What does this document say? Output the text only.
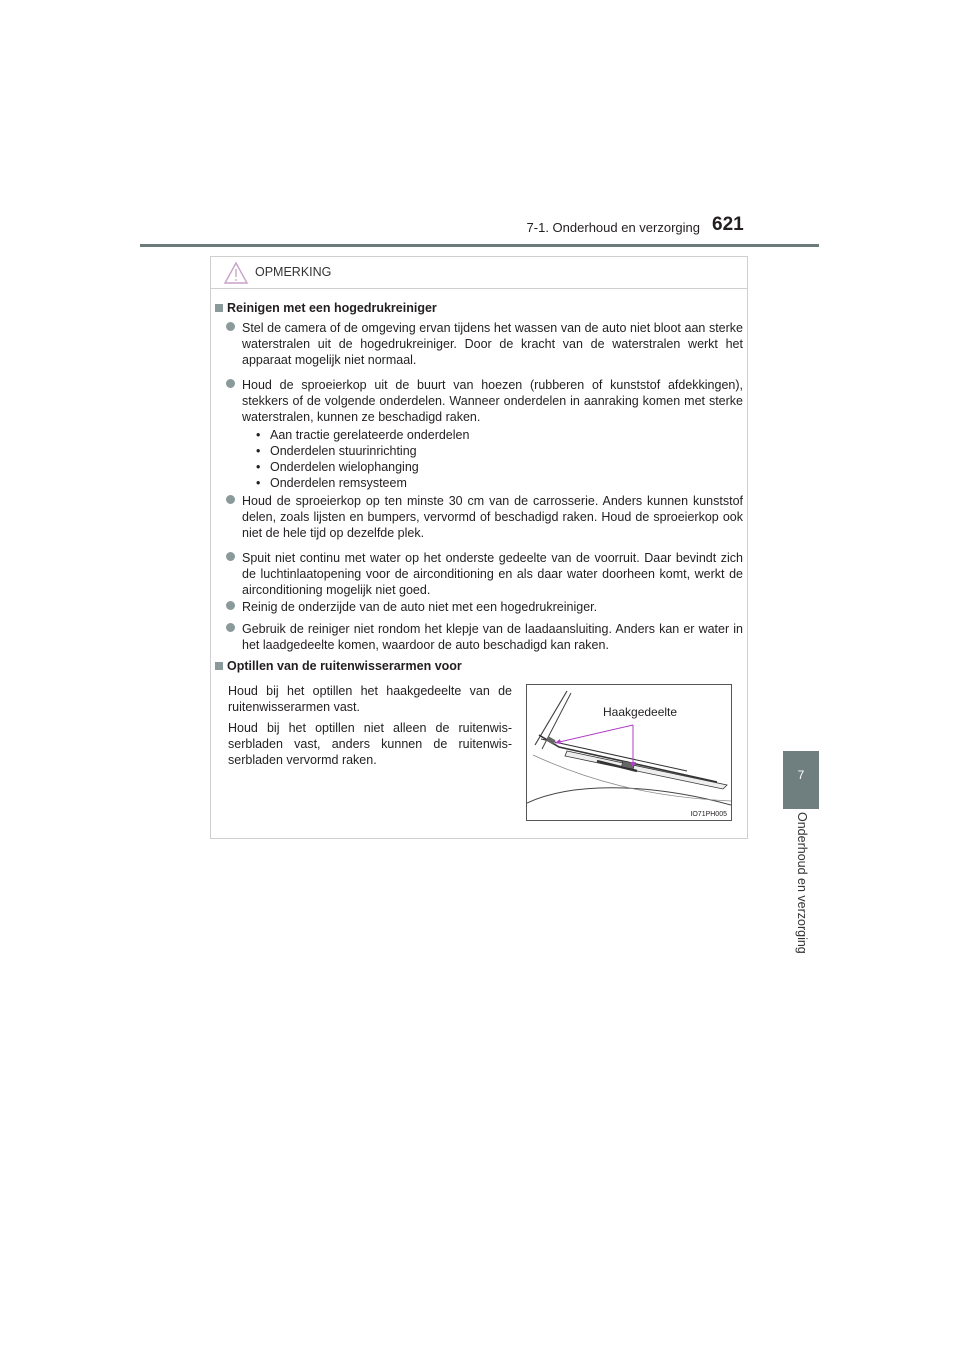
7-1. Onderhoud en verzorging 621
7
Onderhoud en verzorging
OPMERKING
Reinigen met een hogedrukreiniger
Stel de camera of de omgeving ervan tijdens het wassen van de auto niet bloot aan sterke waterstralen uit de hogedrukreiniger. Door de kracht van de waterstralen werkt het apparaat mogelijk niet normaal.
Houd de sproeierkop uit de buurt van hoezen (rubberen of kunststof afdekkingen), stekkers of de volgende onderdelen. Wanneer onderdelen in aanraking komen met sterke waterstralen, kunnen ze beschadigd raken.
• Aan tractie gerelateerde onderdelen
• Onderdelen stuurinrichting
• Onderdelen wielophanging
• Onderdelen remsysteem
Houd de sproeierkop op ten minste 30 cm van de carrosserie. Anders kunnen kunststof delen, zoals lijsten en bumpers, vervormd of beschadigd raken. Houd de sproeierkop ook niet de hele tijd op dezelfde plek.
Spuit niet continu met water op het onderste gedeelte van de voorruit. Daar bevindt zich de luchtinlaatopening voor de airconditioning en als daar water doorheen komt, werkt de airconditioning mogelijk niet goed.
Reinig de onderzijde van de auto niet met een hogedrukreiniger.
Gebruik de reiniger niet rondom het klepje van de laadaansluiting. Anders kan er water in het laadgedeelte komen, waardoor de auto beschadigd kan raken.
Optillen van de ruitenwisserarmen voor
Houd bij het optillen het haakgedeelte van de ruitenwisserarmen vast.
Houd bij het optillen niet alleen de ruitenwis-serbladen vast, anders kunnen de ruitenwis-serbladen vervormd raken.
Haakgedeelte
IO71PH005
